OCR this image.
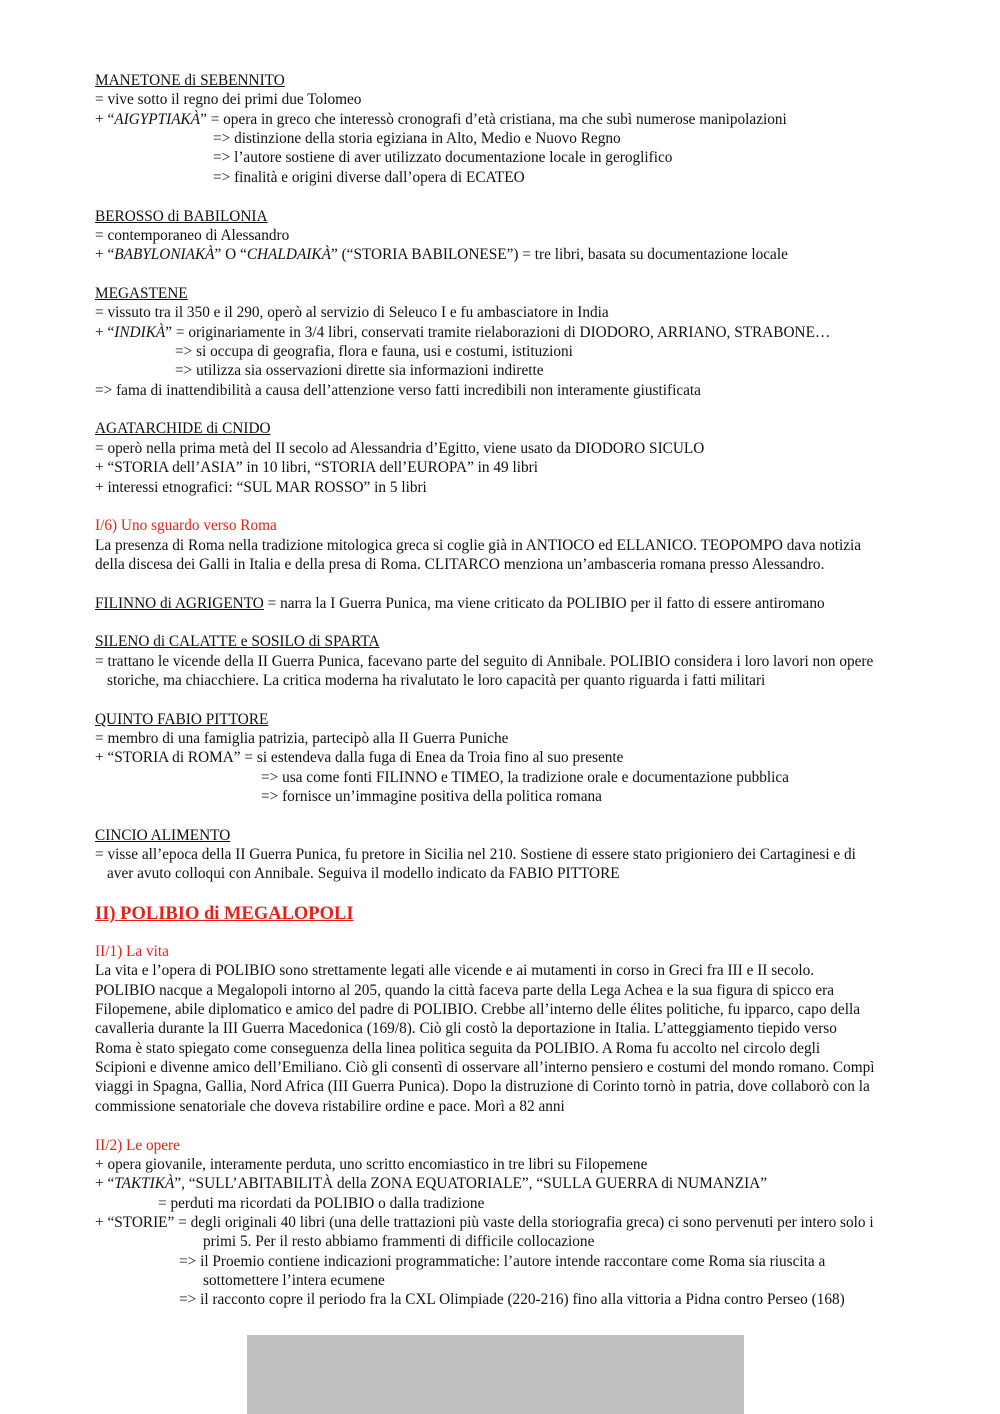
MANETONE di SEBENNITO
= vive sotto il regno dei primi due Tolomeo
+ “AIGYPTIAKÀ” = opera in greco che interessò cronografi d’età cristiana, ma che subì numerose manipolazioni
=> distinzione della storia egiziana in Alto, Medio e Nuovo Regno
=> l’autore sostiene di aver utilizzato documentazione locale in geroglifico
=> finalità e origini diverse dall’opera di ECATEO
BEROSSO di BABILONIA
= contemporaneo di Alessandro
+ “BABYLONIAKÀ” O “CHALDAIKÀ” (“STORIA BABILONESE”) = tre libri, basata su documentazione locale
MEGASTENE
= vissuto tra il 350 e il 290, operò al servizio di Seleuco I e fu ambasciatore in India
+ “INDIKÀ” = originariamente in 3/4 libri, conservati tramite rielaborazioni di DIODORO, ARRIANO, STRABONE…
=> si occupa di geografia, flora e fauna, usi e costumi, istituzioni
=> utilizza sia osservazioni dirette sia informazioni indirette
=> fama di inattendibilità a causa dell’attenzione verso fatti incredibili non interamente giustificata
AGATARCHIDE di CNIDO
= operò nella prima metà del II secolo ad Alessandria d’Egitto, viene usato da DIODORO SICULO
+ “STORIA dell’ASIA” in 10 libri, “STORIA dell’EUROPA” in 49 libri
+ interessi etnografici: “SUL MAR ROSSO” in 5 libri
I/6) Uno sguardo verso Roma
La presenza di Roma nella tradizione mitologica greca si coglie già in ANTIOCO ed ELLANICO. TEOPOMPO dava notizia
della discesa dei Galli in Italia e della presa di Roma. CLITARCO menziona un’ambasceria romana presso Alessandro.
FILINNO di AGRIGENTO = narra la I Guerra Punica, ma viene criticato da POLIBIO per il fatto di essere antiromano
SILENO di CALATTE e SOSILO di SPARTA
= trattano le vicende della II Guerra Punica, facevano parte del seguito di Annibale. POLIBIO considera i loro lavori non opere
storiche, ma chiacchiere. La critica moderna ha rivalutato le loro capacità per quanto riguarda i fatti militari
QUINTO FABIO PITTORE
= membro di una famiglia patrizia, partecipò alla II Guerra Puniche
+ “STORIA di ROMA” = si estendeva dalla fuga di Enea da Troia fino al suo presente
=> usa come fonti FILINNO e TIMEO, la tradizione orale e documentazione pubblica
=> fornisce un’immagine positiva della politica romana
CINCIO ALIMENTO
= visse all’epoca della II Guerra Punica, fu pretore in Sicilia nel 210. Sostiene di essere stato prigioniero dei Cartaginesi e di
aver avuto colloqui con Annibale. Seguiva il modello indicato da FABIO PITTORE
II) POLIBIO di MEGALOPOLI
II/1) La vita
La vita e l’opera di POLIBIO sono strettamente legati alle vicende e ai mutamenti in corso in Greci fra III e II secolo.
POLIBIO nacque a Megalopoli intorno al 205, quando la città faceva parte della Lega Achea e la sua figura di spicco era
Filopemene, abile diplomatico e amico del padre di POLIBIO. Crebbe all’interno delle élites politiche, fu ipparco, capo della
cavalleria durante la III Guerra Macedonica (169/8). Ciò gli costò la deportazione in Italia. L’atteggiamento tiepido verso
Roma è stato spiegato come conseguenza della linea politica seguita da POLIBIO. A Roma fu accolto nel circolo degli
Scipioni e divenne amico dell’Emiliano. Ciò gli consentì di osservare all’interno pensiero e costumi del mondo romano. Compì
viaggi in Spagna, Gallia, Nord Africa (III Guerra Punica). Dopo la distruzione di Corinto tornò in patria, dove collaborò con la
commissione senatoriale che doveva ristabilire ordine e pace. Morì a 82 anni
II/2) Le opere
+ opera giovanile, interamente perduta, uno scritto encomiastico in tre libri su Filopemene
+ “TAKTIKÀ”, “SULL’ABITABILITÀ della ZONA EQUATORIALE”, “SULLA GUERRA di NUMANZIA”
= perduti ma ricordati da POLIBIO o dalla tradizione
+ “STORIE” = degli originali 40 libri (una delle trattazioni più vaste della storiografia greca) ci sono pervenuti per intero solo i
primi 5. Per il resto abbiamo frammenti di difficile collocazione
=> il Proemio contiene indicazioni programmatiche: l’autore intende raccontare come Roma sia riuscita a
sottomettere l’intera ecumene
=> il racconto copre il periodo fra la CXL Olimpiade (220-216) fino alla vittoria a Pidna contro Perseo (168)
